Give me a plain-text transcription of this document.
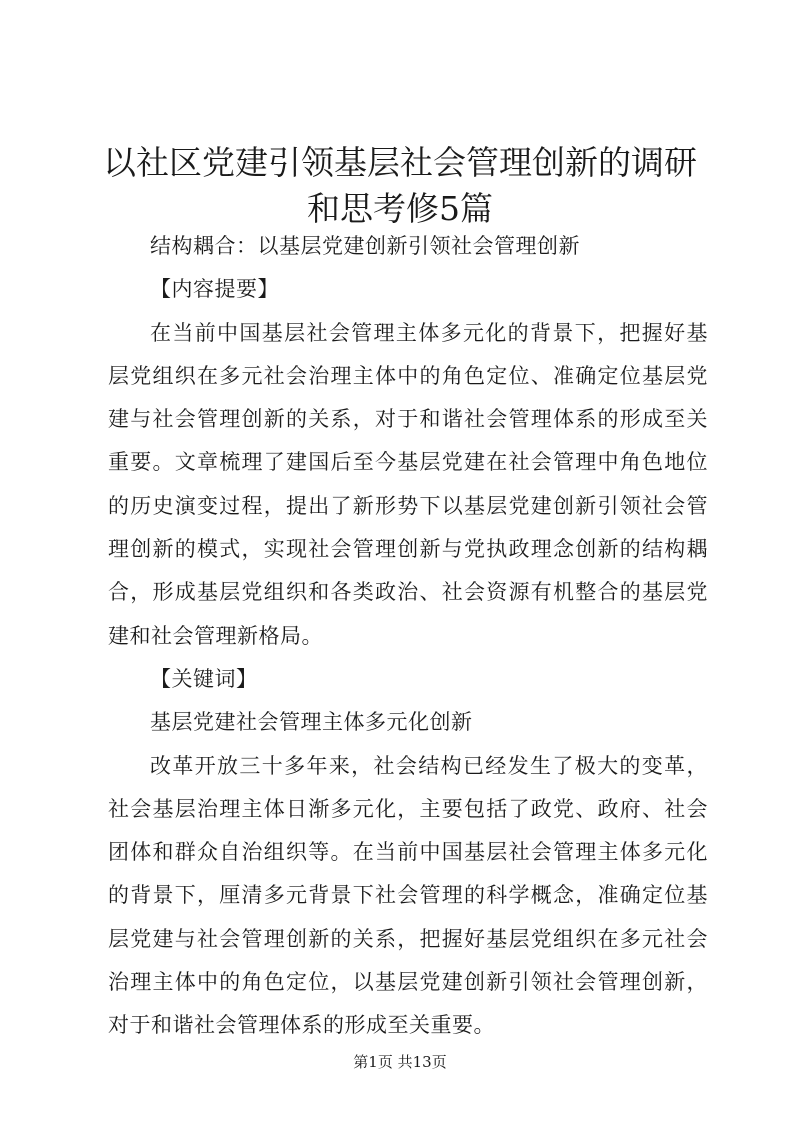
以社区党建引领基层社会管理创新的调研和思考修5篇

结构耦合：以基层党建创新引领社会管理创新

【内容提要】

在当前中国基层社会管理主体多元化的背景下，把握好基层党组织在多元社会治理主体中的角色定位、准确定位基层党建与社会管理创新的关系，对于和谐社会管理体系的形成至关重要。文章梳理了建国后至今基层党建在社会管理中角色地位的历史演变过程，提出了新形势下以基层党建创新引领社会管理创新的模式，实现社会管理创新与党执政理念创新的结构耦合，形成基层党组织和各类政治、社会资源有机整合的基层党建和社会管理新格局。

【关键词】

基层党建社会管理主体多元化创新

改革开放三十多年来，社会结构已经发生了极大的变革，社会基层治理主体日渐多元化，主要包括了政党、政府、社会团体和群众自治组织等。在当前中国基层社会管理主体多元化的背景下，厘清多元背景下社会管理的科学概念，准确定位基层党建与社会管理创新的关系，把握好基层党组织在多元社会治理主体中的角色定位，以基层党建创新引领社会管理创新，对于和谐社会管理体系的形成至关重要。

第1页 共13页
